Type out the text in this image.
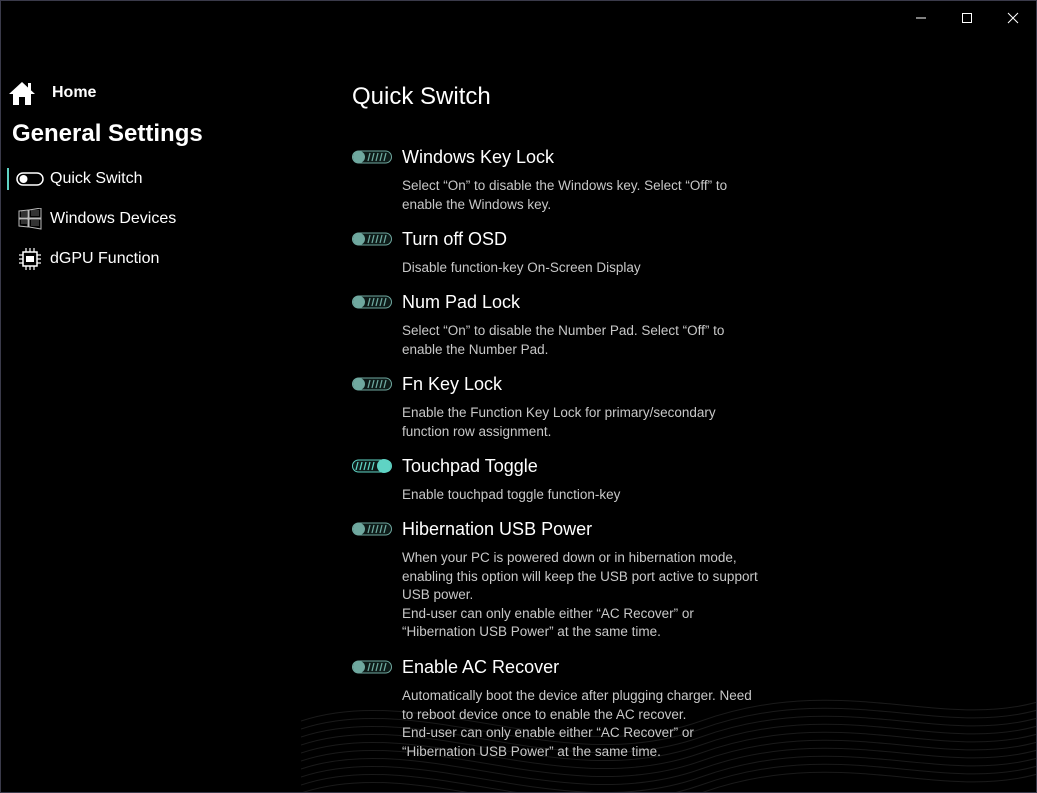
Home
General Settings
Quick Switch
Windows Devices
dGPU Function
Quick Switch
Windows Key Lock

Select “On” to disable the Windows key. Select “Off” to enable the Windows key.

Turn off OSD

Disable function-key On-Screen Display

Num Pad Lock

Select “On” to disable the Number Pad. Select “Off” to enable the Number Pad.

Fn Key Lock

Enable the Function Key Lock for primary/secondary function row assignment.

Touchpad Toggle

Enable touchpad toggle function-key

Hibernation USB Power

When your PC is powered down or in hibernation mode, enabling this option will keep the USB port active to support USB power.

End-user can only enable either “AC Recover” or “Hibernation USB Power” at the same time.

Enable AC Recover

Automatically boot the device after plugging charger. Need to reboot device once to enable the AC recover.

End-user can only enable either “AC Recover” or “Hibernation USB Power” at the same time.
